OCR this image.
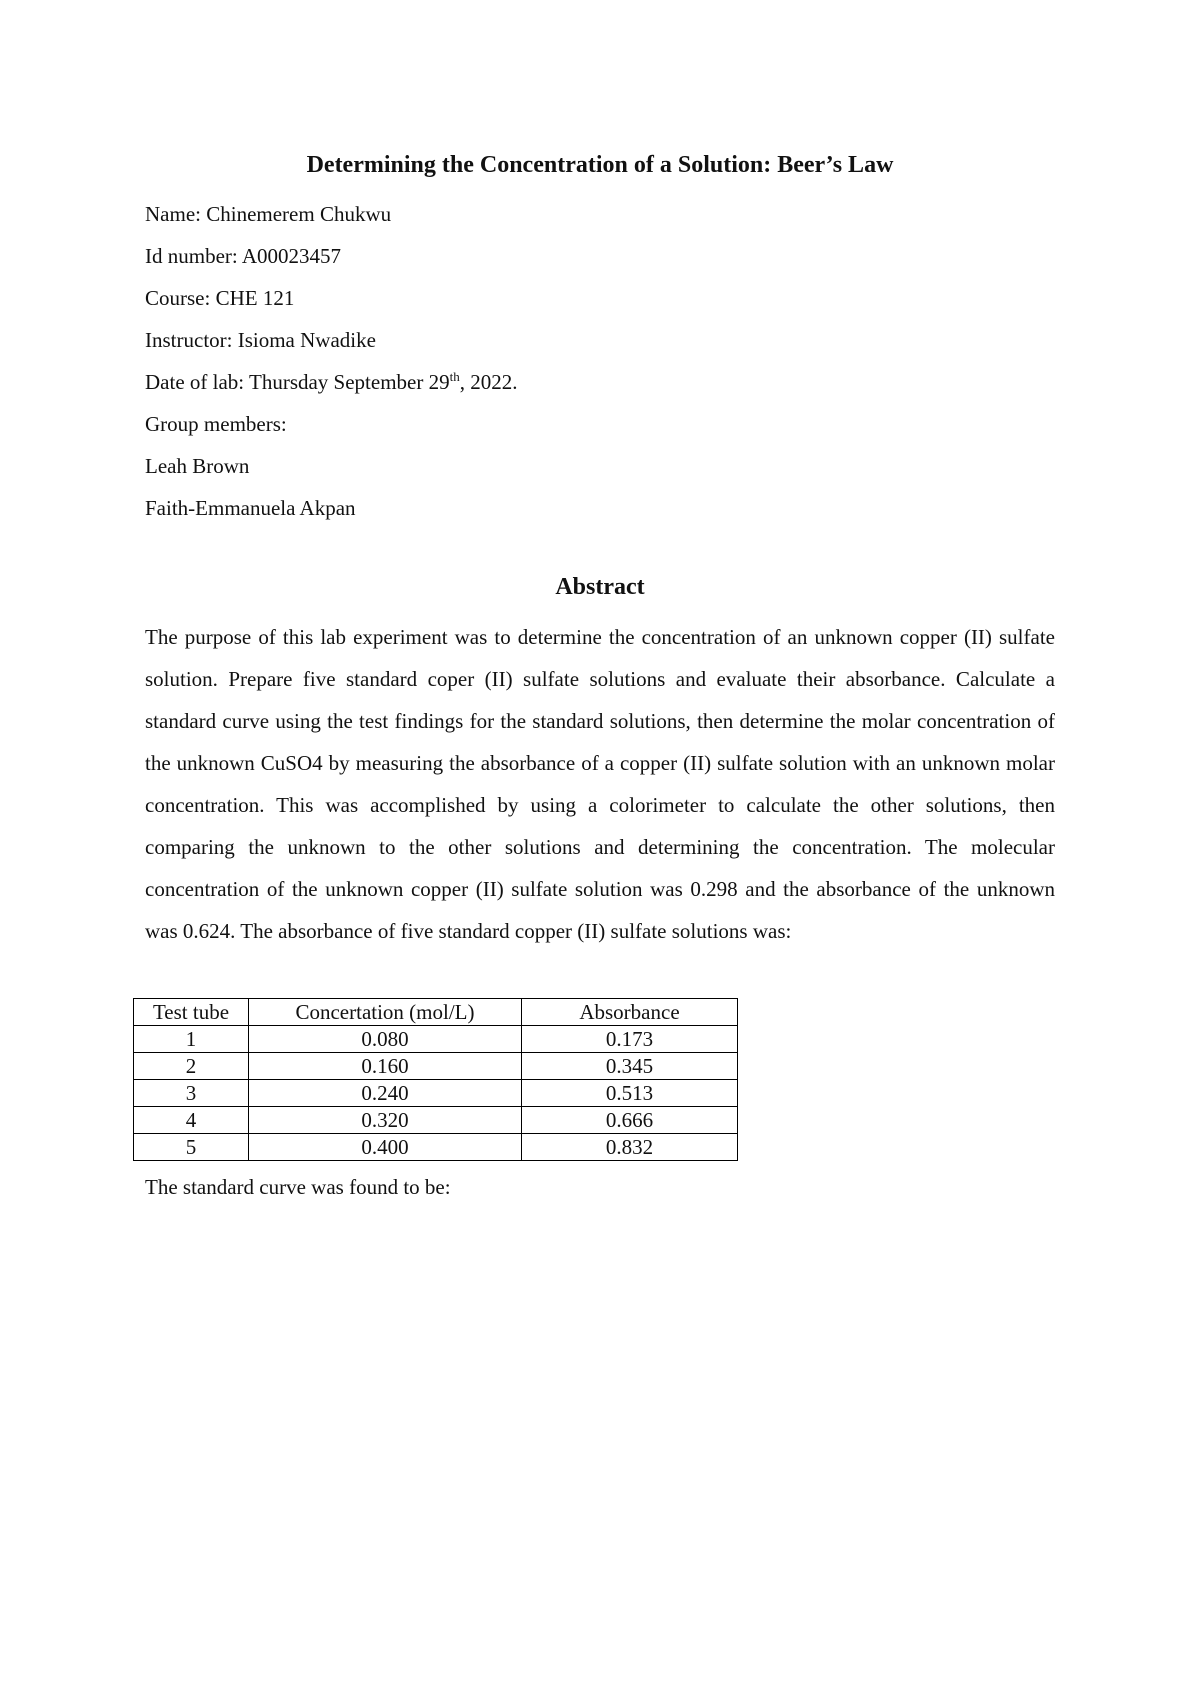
Determining the Concentration of a Solution: Beer’s Law
Name: Chinemerem Chukwu
Id number: A00023457
Course: CHE 121
Instructor: Isioma Nwadike
Date of lab: Thursday September 29th, 2022.
Group members:
Leah Brown
Faith-Emmanuela Akpan
Abstract

The purpose of this lab experiment was to determine the concentration of an unknown copper (II) sulfate solution. Prepare five standard coper (II) sulfate solutions and evaluate their absorbance. Calculate a standard curve using the test findings for the standard solutions, then determine the molar concentration of the unknown CuSO4 by measuring the absorbance of a copper (II) sulfate solution with an unknown molar concentration. This was accomplished by using a colorimeter to calculate the other solutions, then comparing the unknown to the other solutions and determining the concentration. The molecular concentration of the unknown copper (II) sulfate solution was 0.298 and the absorbance of the unknown was 0.624. The absorbance of five standard copper (II) sulfate solutions was:

Test tube	Concertation (mol/L)	Absorbance
1	0.080	0.173
2	0.160	0.345
3	0.240	0.513
4	0.320	0.666
5	0.400	0.832

The standard curve was found to be:
